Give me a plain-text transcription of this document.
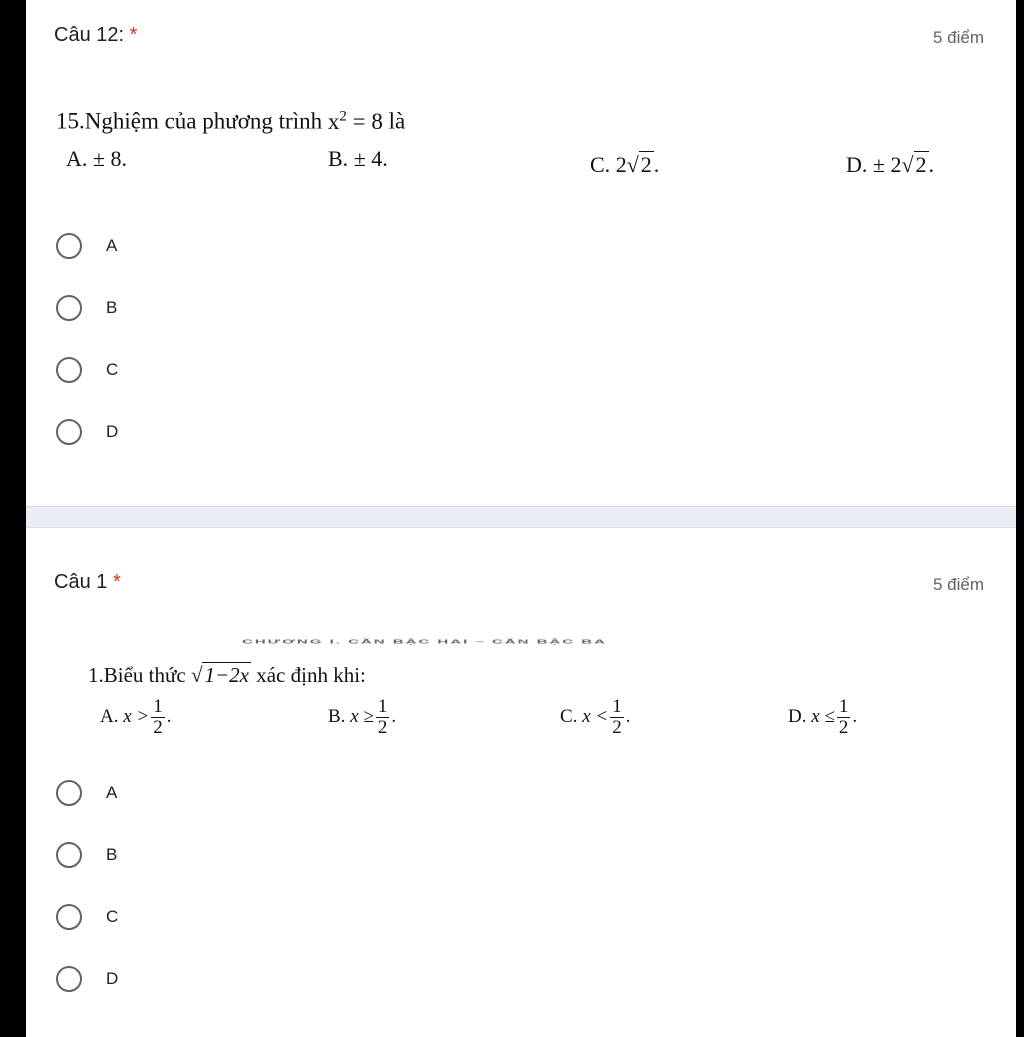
Câu 12: *	5 điểm
15.Nghiệm của phương trình $x^2 = 8$ là
A. ± 8.	B. ± 4.	C. 2√2.	D. ± 2√2.
A
B
C
D
Câu 1 *	5 điểm
CHƯƠNG I. CĂN BẬC HAI – CĂN BẬC BA
1.Biểu thức √1−2x xác định khi:
A. $x > \frac{1}{2}$ .	B. $x \ge \frac{1}{2}$ .	C. $x < \frac{1}{2}$ .	D. $x \le \frac{1}{2}$ .
A
B
C
D
